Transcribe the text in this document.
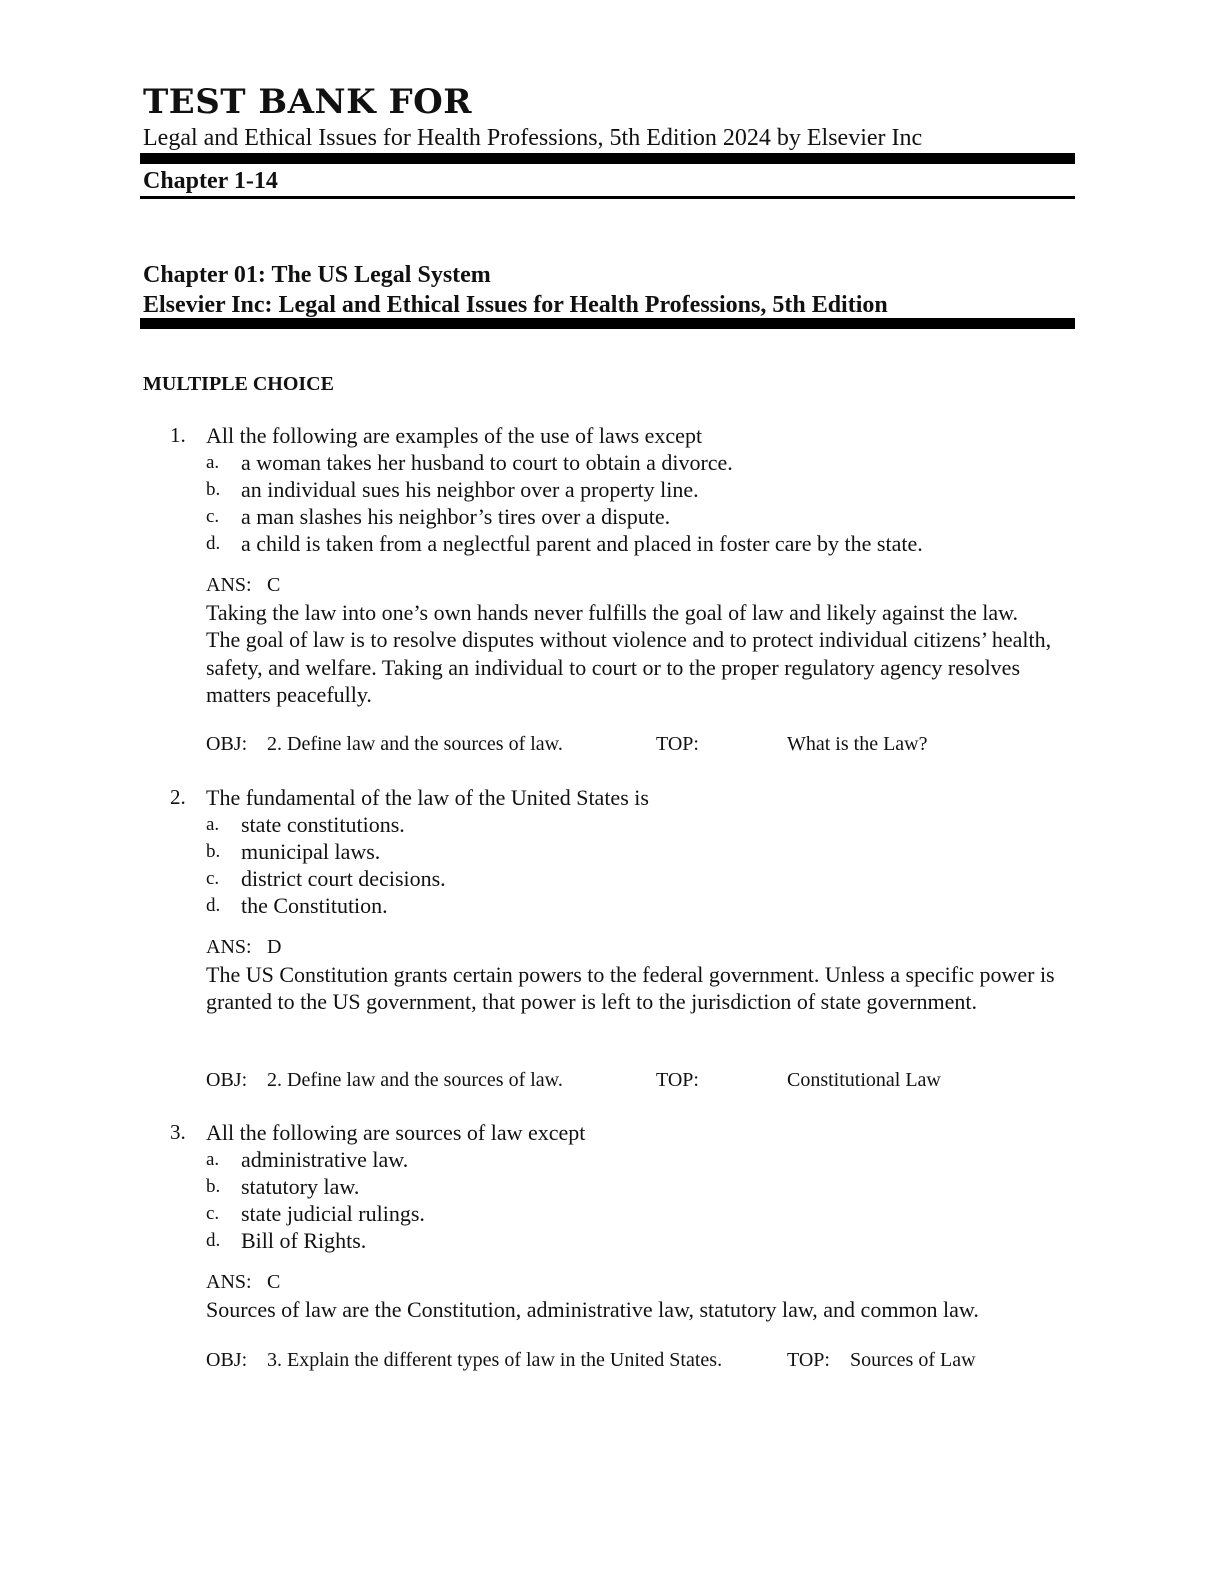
TEST BANK FOR
Legal and Ethical Issues for Health Professions, 5th Edition 2024 by Elsevier Inc
Chapter 1-14
Chapter 01: The US Legal System
Elsevier Inc: Legal and Ethical Issues for Health Professions, 5th Edition
MULTIPLE CHOICE
1. All the following are examples of the use of laws except
a. a woman takes her husband to court to obtain a divorce.
b. an individual sues his neighbor over a property line.
c. a man slashes his neighbor’s tires over a dispute.
d. a child is taken from a neglectful parent and placed in foster care by the state.
ANS: C
Taking the law into one’s own hands never fulfills the goal of law and likely against the law. The goal of law is to resolve disputes without violence and to protect individual citizens’ health, safety, and welfare. Taking an individual to court or to the proper regulatory agency resolves matters peacefully.
OBJ: 2. Define law and the sources of law.	TOP:	What is the Law?
2. The fundamental of the law of the United States is
a. state constitutions.
b. municipal laws.
c. district court decisions.
d. the Constitution.
ANS: D
The US Constitution grants certain powers to the federal government. Unless a specific power is granted to the US government, that power is left to the jurisdiction of state government.
OBJ: 2. Define law and the sources of law.	TOP:	Constitutional Law
3. All the following are sources of law except
a. administrative law.
b. statutory law.
c. state judicial rulings.
d. Bill of Rights.
ANS: C
Sources of law are the Constitution, administrative law, statutory law, and common law.
OBJ: 3. Explain the different types of law in the United States.	TOP: Sources of Law
